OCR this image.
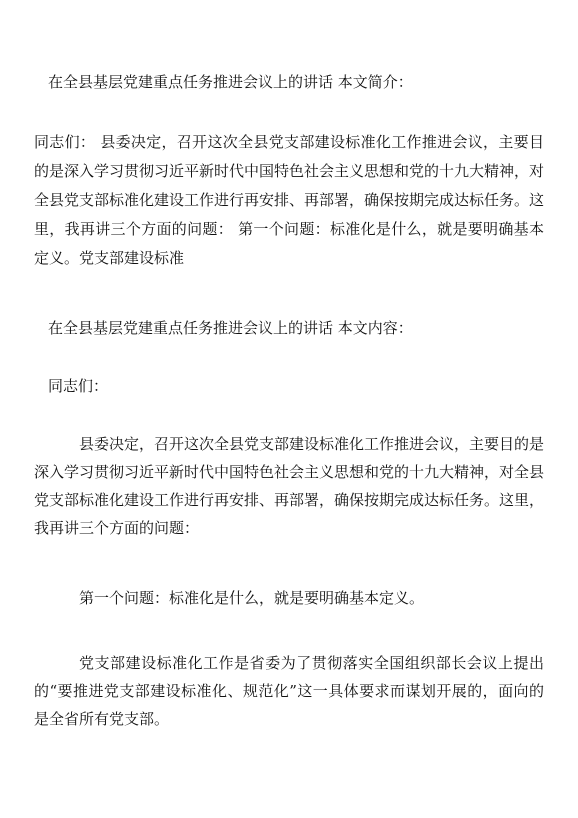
在全县基层党建重点任务推进会议上的讲话 本文简介：
同志们： 县委决定，召开这次全县党支部建设标准化工作推进会议，主要目的是深入学习贯彻习近平新时代中国特色社会主义思想和党的十九大精神，对全县党支部标准化建设工作进行再安排、再部署，确保按期完成达标任务。这里，我再讲三个方面的问题： 第一个问题：标准化是什么，就是要明确基本定义。党支部建设标准
在全县基层党建重点任务推进会议上的讲话 本文内容：
同志们：
县委决定，召开这次全县党支部建设标准化工作推进会议，主要目的是深入学习贯彻习近平新时代中国特色社会主义思想和党的十九大精神，对全县党支部标准化建设工作进行再安排、再部署，确保按期完成达标任务。这里，我再讲三个方面的问题：
第一个问题：标准化是什么，就是要明确基本定义。
党支部建设标准化工作是省委为了贯彻落实全国组织部长会议上提出的“要推进党支部建设标准化、规范化”这一具体要求而谋划开展的，面向的是全省所有党支部。
